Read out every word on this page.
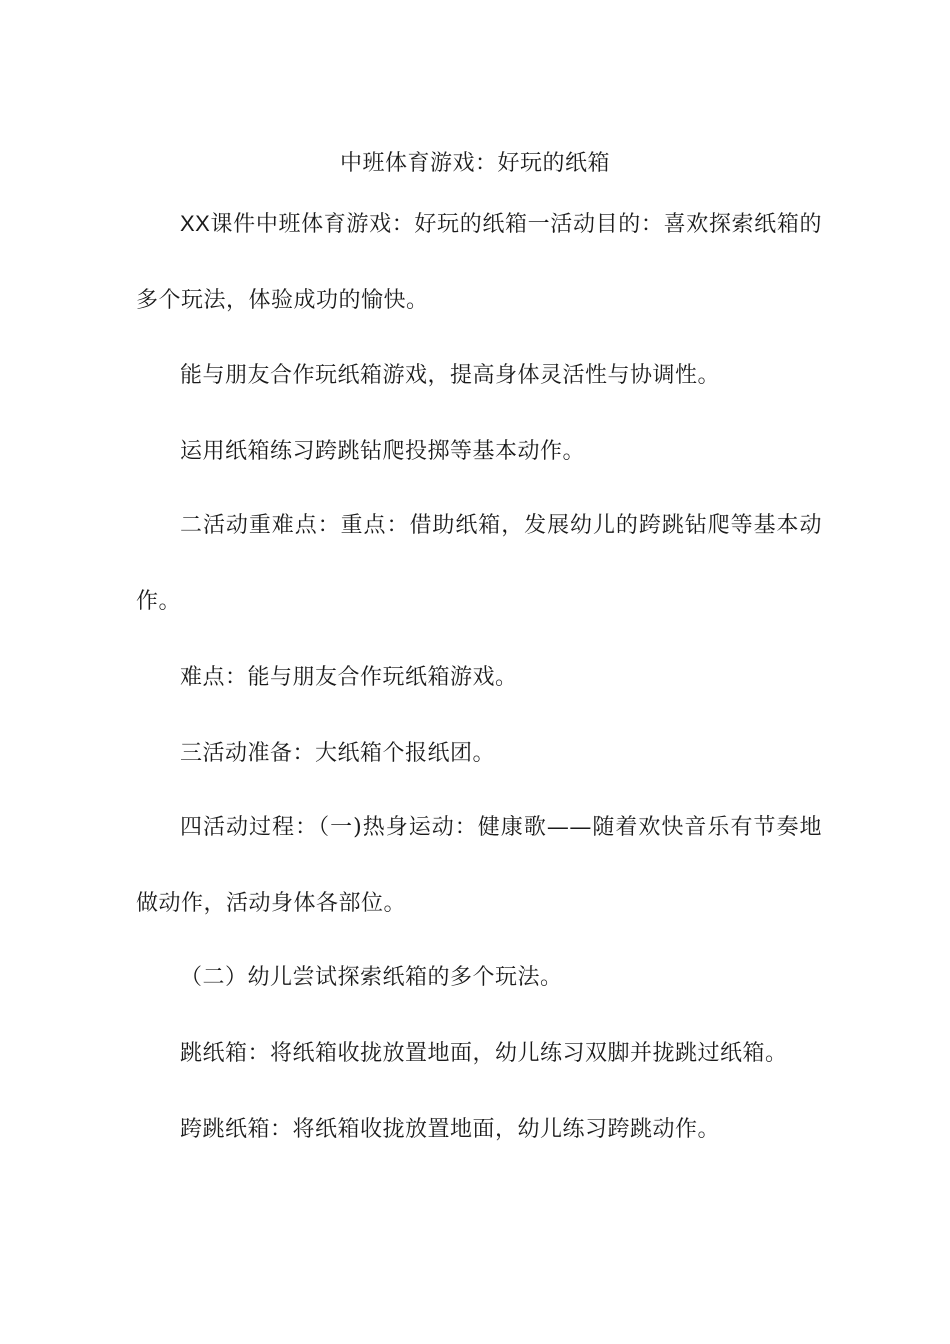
中班体育游戏：好玩的纸箱

XX课件中班体育游戏：好玩的纸箱一活动目的：喜欢探索纸箱的多个玩法，体验成功的愉快。

能与朋友合作玩纸箱游戏，提高身体灵活性与协调性。

运用纸箱练习跨跳钻爬投掷等基本动作。

二活动重难点：重点：借助纸箱，发展幼儿的跨跳钻爬等基本动作。

难点：能与朋友合作玩纸箱游戏。

三活动准备：大纸箱个报纸团。

四活动过程：（一)热身运动：健康歌——随着欢快音乐有节奏地做动作，活动身体各部位。

（二）幼儿尝试探索纸箱的多个玩法。

跳纸箱：将纸箱收拢放置地面，幼儿练习双脚并拢跳过纸箱。

跨跳纸箱：将纸箱收拢放置地面，幼儿练习跨跳动作。
